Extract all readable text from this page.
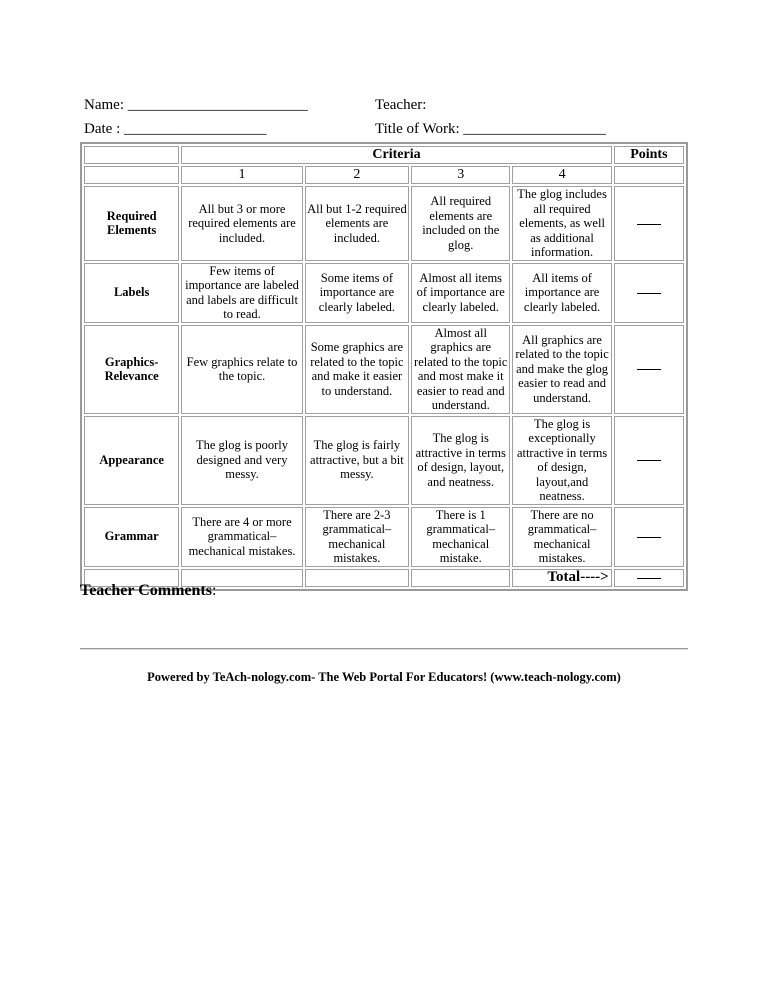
Name: ________________________	Teacher:
Date : ___________________	Title of Work: ___________________
	Criteria				Points
	1	2	3	4	
Required Elements	All but 3 or more required elements are included.	All but 1-2 required elements are included.	All required elements are included on the glog.	The glog includes all required elements, as well as additional information.	
Labels	Few items of importance are labeled and labels are difficult to read.	Some items of importance are clearly labeled.	Almost all items of importance are clearly labeled.	All items of importance are clearly labeled.	
Graphics-Relevance	Few graphics relate to the topic.	Some graphics are related to the topic and make it easier to understand.	Almost all graphics are related to the topic and most make it easier to read and understand.	All graphics are related to the topic and make the glog easier to read and understand.	
Appearance	The glog is poorly designed and very messy.	The glog is fairly attractive, but a bit messy.	The glog is attractive in terms of design, layout, and neatness.	The glog is exceptionally attractive in terms of design, layout,and neatness.	
Grammar	There are 4 or more grammatical–mechanical mistakes.	There are 2-3 grammatical–mechanical mistakes.	There is 1 grammatical–mechanical mistake.	There are no grammatical–mechanical mistakes.	
				Total---->	
Teacher Comments:
Powered by TeAch-nology.com- The Web Portal For Educators! (www.teach-nology.com)
